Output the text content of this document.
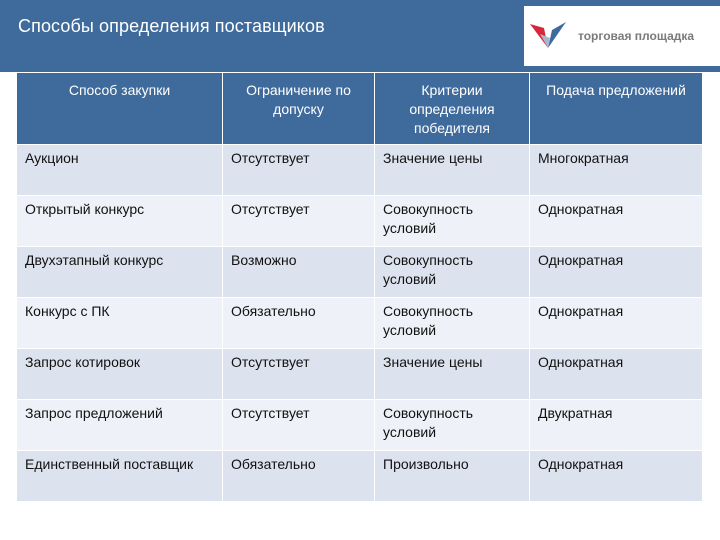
Способы определения поставщиков	торговая площадка
Способ закупки	Ограничение по допуску	Критерии определения победителя	Подача предложений
Аукцион	Отсутствует	Значение цены	Многократная
Открытый конкурс	Отсутствует	Совокупность условий	Однократная
Двухэтапный конкурс	Возможно	Совокупность условий	Однократная
Конкурс с ПК	Обязательно	Совокупность условий	Однократная
Запрос котировок	Отсутствует	Значение цены	Однократная
Запрос предложений	Отсутствует	Совокупность условий	Двукратная
Единственный поставщик	Обязательно	Произвольно	Однократная
